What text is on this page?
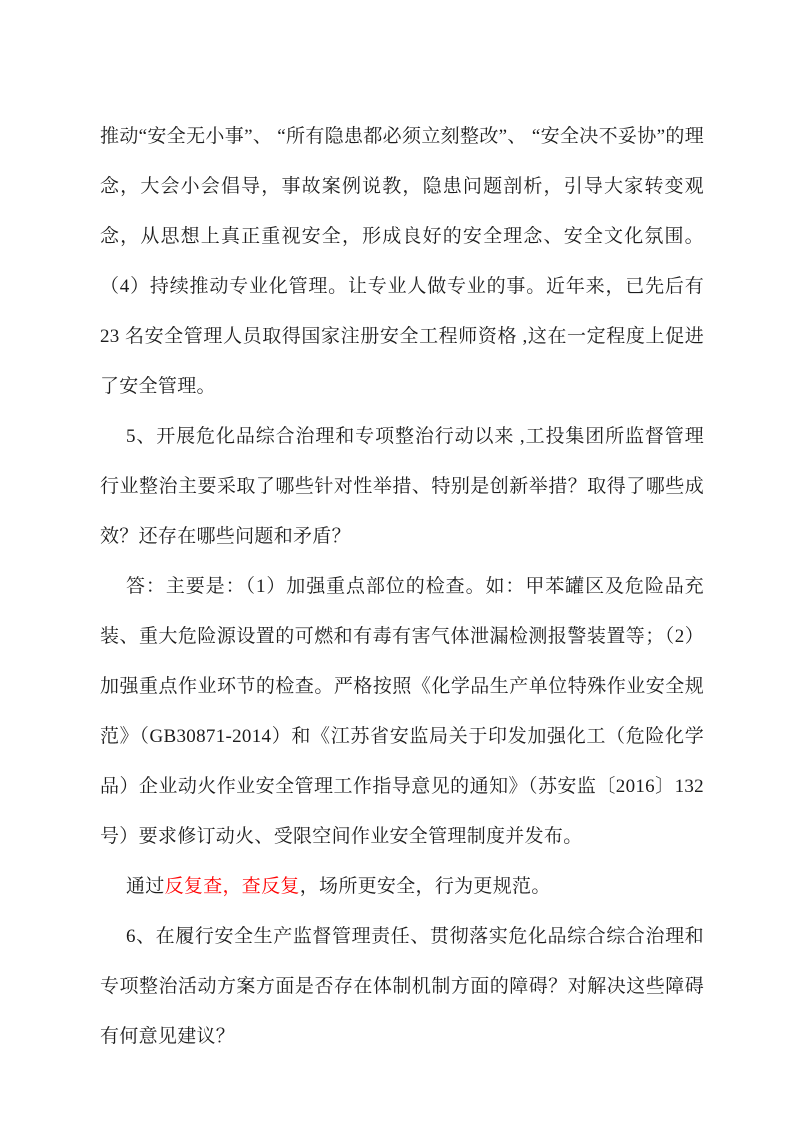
推动“安全无小事”、 “所有隐患都必须立刻整改”、 “安全决不妥协”的理念，大会小会倡导，事故案例说教，隐患问题剖析，引导大家转变观念，从思想上真正重视安全，形成良好的安全理念、安全文化氛围。（4）持续推动专业化管理。让专业人做专业的事。近年来，已先后有 23 名安全管理人员取得国家注册安全工程师资格 ,这在一定程度上促进了安全管理。

5、开展危化品综合治理和专项整治行动以来 ,工投集团所监督管理行业整治主要采取了哪些针对性举措、特别是创新举措？取得了哪些成效？还存在哪些问题和矛盾？

答：主要是：（1）加强重点部位的检查。如：甲苯罐区及危险品充装、重大危险源设置的可燃和有毒有害气体泄漏检测报警装置等；（2）加强重点作业环节的检查。严格按照《化学品生产单位特殊作业安全规范》（GB30871-2014）和《江苏省安监局关于印发加强化工（危险化学品）企业动火作业安全管理工作指导意见的通知》（苏安监〔2016〕132 号）要求修订动火、受限空间作业安全管理制度并发布。

通过反复查，查反复，场所更安全，行为更规范。

6、在履行安全生产监督管理责任、贯彻落实危化品综合综合治理和专项整治活动方案方面是否存在体制机制方面的障碍？对解决这些障碍有何意见建议？
